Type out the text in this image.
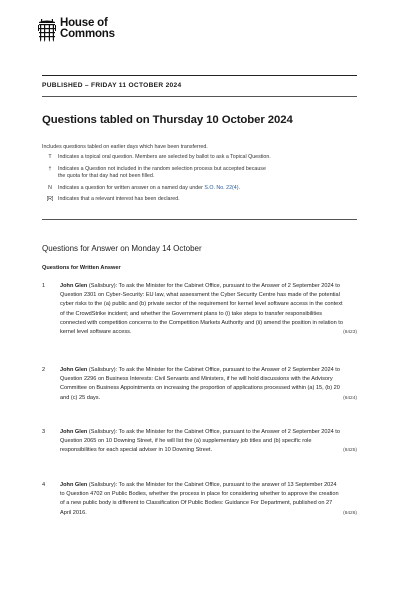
House of
Commons
PUBLISHED – FRIDAY 11 OCTOBER 2024
Questions tabled on Thursday 10 October 2024
Includes questions tabled on earlier days which have been transferred.
T	Indicates a topical oral question. Members are selected by ballot to ask a Topical Question.
†	Indicates a Question not included in the random selection process but accepted because the quota for that day had not been filled.
N	Indicates a question for written answer on a named day under S.O. No. 22(4).
[R] Indicates that a relevant interest has been declared.
Questions for Answer on Monday 14 October
Questions for Written Answer
1	John Glen (Salisbury): To ask the Minister for the Cabinet Office, pursuant to the Answer of 2 September 2024 to Question 2301 on Cyber-Security: EU law, what assessment the Cyber Security Centre has made of the potential cyber risks to the (a) public and (b) private sector of the requirement for kernel level software access in the context of the CrowdStrike incident; and whether the Government plans to (i) take steps to transfer responsibilities connected with competition concerns to the Competition Markets Authority and (ii) amend the position in relation to kernel level software access.	(8423)
2	John Glen (Salisbury): To ask the Minister for the Cabinet Office, pursuant to the Answer of 2 September 2024 to Question 2296 on Business Interests: Civil Servants and Ministers, if he will hold discussions with the Advisory Committee on Business Appointments on increasing the proportion of applications processed within (a) 15, (b) 20 and (c) 25 days.	(8424)
3	John Glen (Salisbury): To ask the Minister for the Cabinet Office, pursuant to the Answer of 2 September 2024 to Question 2065 on 10 Downing Street, if he will list the (a) supplementary job titles and (b) specific role responsibilities for each special adviser in 10 Downing Street.	(8425)
4	John Glen (Salisbury): To ask the Minister for the Cabinet Office, pursuant to the answer of 13 September 2024 to Question 4702 on Public Bodies, whether the process in place for considering whether to approve the creation of a new public body is different to Classification Of Public Bodies: Guidance For Department, published on 27 April 2016.	(8426)
